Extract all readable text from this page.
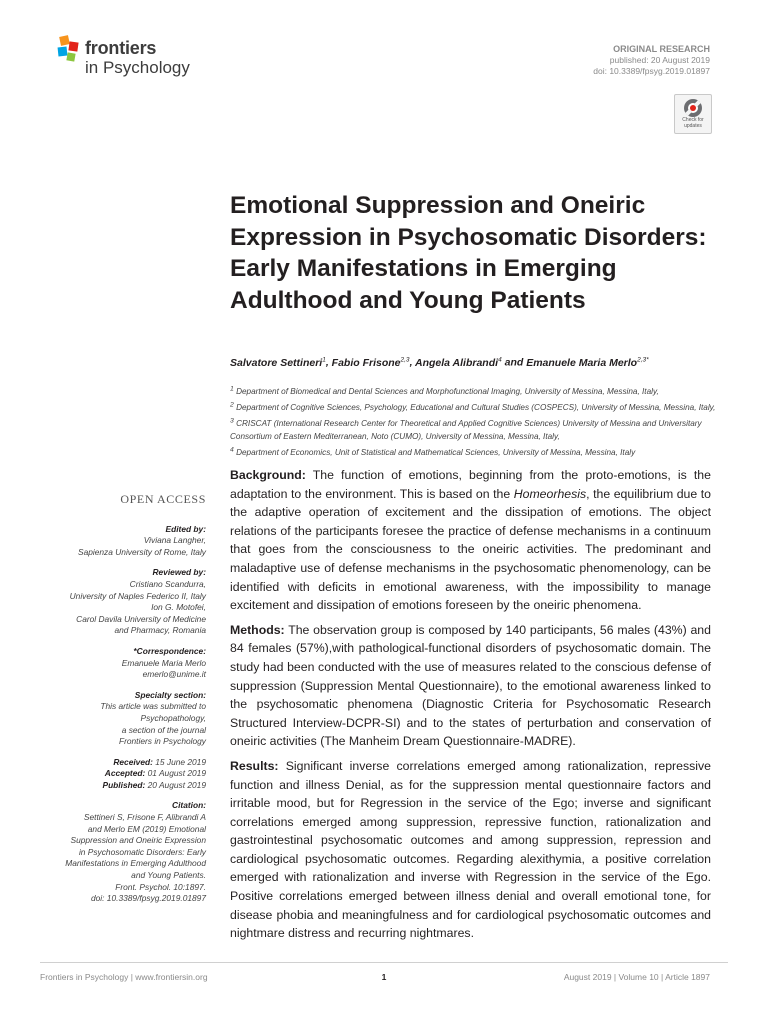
frontiers
in Psychology
ORIGINAL RESEARCH
published: 20 August 2019
doi: 10.3389/fpsyg.2019.01897
Check for
updates
Emotional Suppression and Oneiric Expression in Psychosomatic Disorders: Early Manifestations in Emerging Adulthood and Young Patients
Salvatore Settineri$^1$, Fabio Frisone$^{2,3}$, Angela Alibrandi$^4$ and Emanuele Maria Merlo$^{2,3*}$
$^1$ Department of Biomedical and Dental Sciences and Morphofunctional Imaging, University of Messina, Messina, Italy,
$^2$ Department of Cognitive Sciences, Psychology, Educational and Cultural Studies (COSPECS), University of Messina, Messina, Italy, $^3$ CRISCAT (International Research Center for Theoretical and Applied Cognitive Sciences) University of Messina and Universitary Consortium of Eastern Mediterranean, Noto (CUMO), University of Messina, Messina, Italy,
$^4$ Department of Economics, Unit of Statistical and Mathematical Sciences, University of Messina, Messina, Italy
OPEN ACCESS
Edited by:
Viviana Langher,
Sapienza University of Rome, Italy
Reviewed by:
Cristiano Scandurra,
University of Naples Federico II, Italy
Ion G. Motofei,
Carol Davila University of Medicine
and Pharmacy, Romania
*Correspondence:
Emanuele Maria Merlo
emerlo@unime.it
Specialty section:
This article was submitted to
Psychopathology,
a section of the journal
Frontiers in Psychology
Received: 15 June 2019
Accepted: 01 August 2019
Published: 20 August 2019
Citation:
Settineri S, Frisone F, Alibrandi A
and Merlo EM (2019) Emotional
Suppression and Oneiric Expression
in Psychosomatic Disorders: Early
Manifestations in Emerging Adulthood
and Young Patients.
Front. Psychol. 10:1897.
doi: 10.3389/fpsyg.2019.01897

Background: The function of emotions, beginning from the proto-emotions, is the adaptation to the environment. This is based on the Homeorhesis, the equilibrium due to the adaptive operation of excitement and the dissipation of emotions. The object relations of the participants foresee the practice of defense mechanisms in a continuum that goes from the consciousness to the oneiric activities. The predominant and maladaptive use of defense mechanisms in the psychosomatic phenomenology, can be identified with deficits in emotional awareness, with the impossibility to manage excitement and dissipation of emotions foreseen by the oneiric phenomena.

Methods: The observation group is composed by 140 participants, 56 males (43%) and 84 females (57%),with pathological-functional disorders of psychosomatic domain. The study had been conducted with the use of measures related to the conscious defense of suppression (Suppression Mental Questionnaire), to the emotional awareness linked to the psychosomatic phenomena (Diagnostic Criteria for Psychosomatic Research Structured Interview-DCPR-SI) and to the states of perturbation and conservation of oneiric activities (The Manheim Dream Questionnaire-MADRE).

Results: Significant inverse correlations emerged among rationalization, repressive function and illness Denial, as for the suppression mental questionnaire factors and irritable mood, but for Regression in the service of the Ego; inverse and significant correlations emerged among suppression, repressive function, rationalization and gastrointestinal psychosomatic outcomes and among suppression, repression and cardiological psychosomatic outcomes. Regarding alexithymia, a positive correlation emerged with rationalization and inverse with Regression in the service of the Ego. Positive correlations emerged between illness denial and overall emotional tone, for disease phobia and meaningfulness and for cardiological psychosomatic outcomes and nightmare distress and recurring nightmares.

Frontiers in Psychology | www.frontiersin.org	1	August 2019 | Volume 10 | Article 1897
